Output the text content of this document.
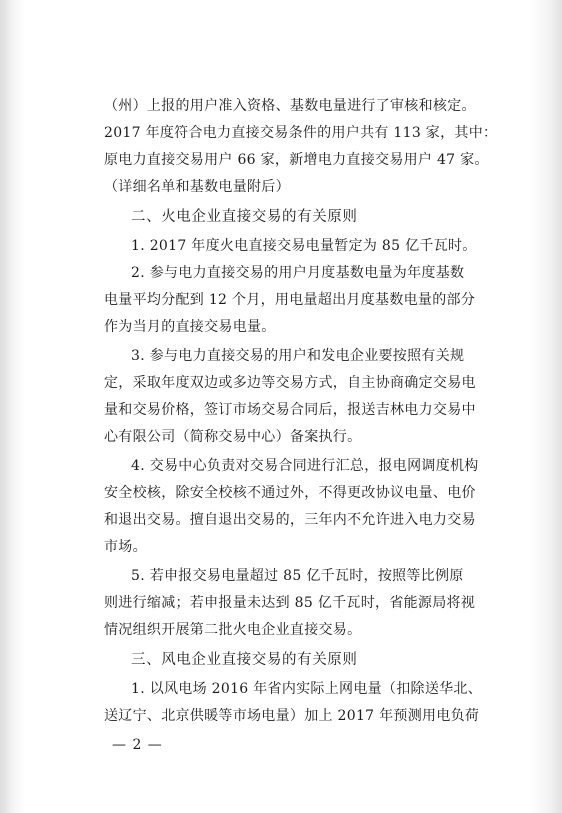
（州）上报的用户准入资格、基数电量进行了审核和核定。
2017 年度符合电力直接交易条件的用户共有 113 家，其中：
原电力直接交易用户 66 家，新增电力直接交易用户 47 家。
（详细名单和基数电量附后）
二、火电企业直接交易的有关原则
1. 2017 年度火电直接交易电量暂定为 85 亿千瓦时。
2. 参与电力直接交易的用户月度基数电量为年度基数
电量平均分配到 12 个月，用电量超出月度基数电量的部分
作为当月的直接交易电量。
3. 参与电力直接交易的用户和发电企业要按照有关规
定，采取年度双边或多边等交易方式，自主协商确定交易电
量和交易价格，签订市场交易合同后，报送吉林电力交易中
心有限公司（简称交易中心）备案执行。
4. 交易中心负责对交易合同进行汇总，报电网调度机构
安全校核，除安全校核不通过外，不得更改协议电量、电价
和退出交易。擅自退出交易的，三年内不允许进入电力交易
市场。
5. 若申报交易电量超过 85 亿千瓦时，按照等比例原
则进行缩减；若申报量未达到 85 亿千瓦时，省能源局将视
情况组织开展第二批火电企业直接交易。
三、风电企业直接交易的有关原则
1. 以风电场 2016 年省内实际上网电量（扣除送华北、
送辽宁、北京供暖等市场电量）加上 2017 年预测用电负荷
— 2 —
